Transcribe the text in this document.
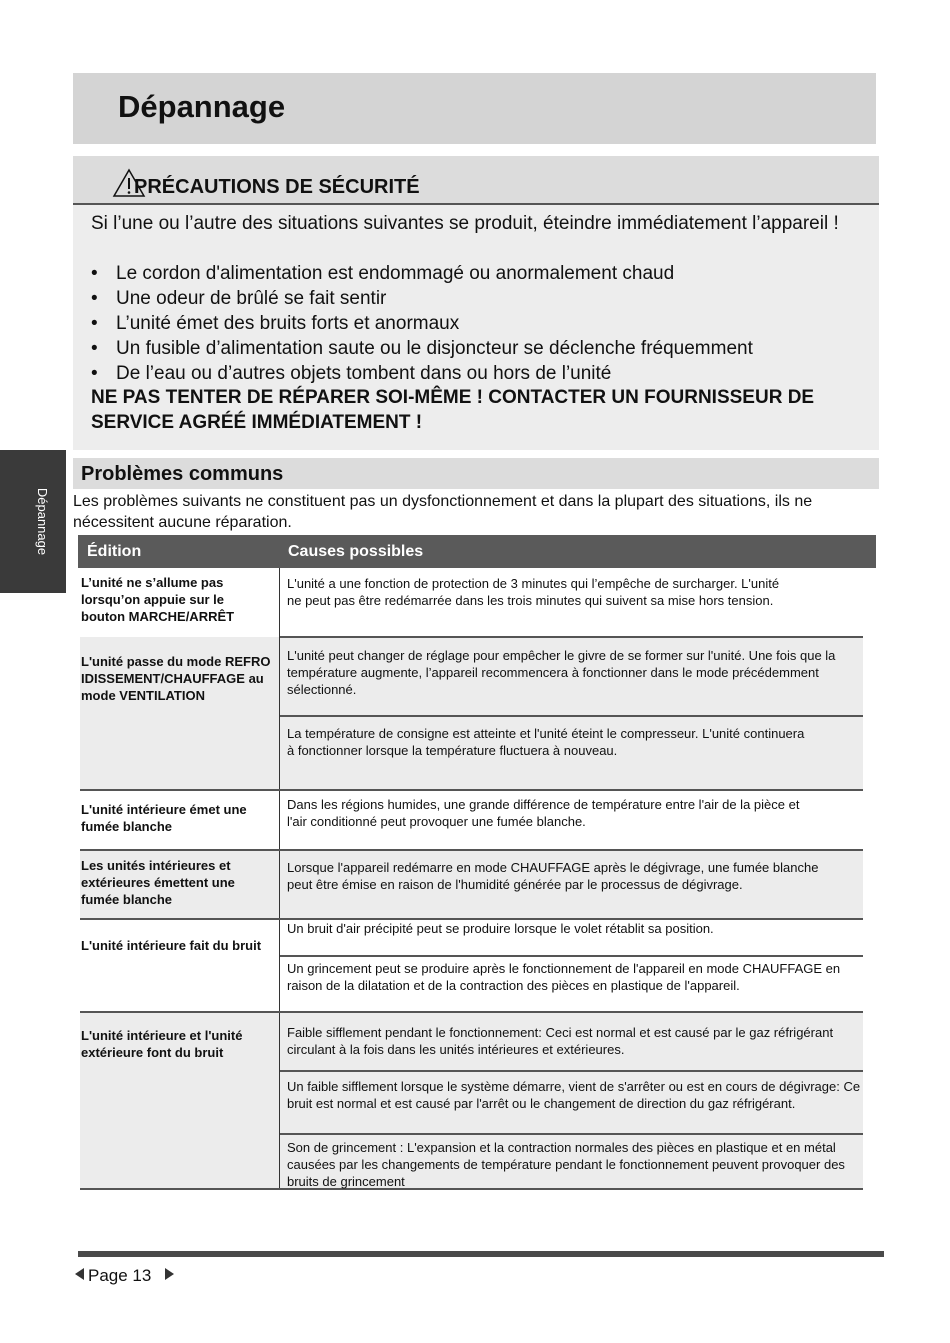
Dépannage
PRÉCAUTIONS DE SÉCURITÉ
Si l’une ou l’autre des situations suivantes se produit, éteindre immédiatement l’appareil !
• Le cordon d'alimentation est endommagé ou anormalement chaud
• Une odeur de brûlé se fait sentir
• L’unité émet des bruits forts et anormaux
• Un fusible d’alimentation saute ou le disjoncteur se déclenche fréquemment
• De l’eau ou d’autres objets tombent dans ou hors de l’unité
NE PAS TENTER DE RÉPARER SOI-MÊME ! CONTACTER UN FOURNISSEUR DE SERVICE AGRÉÉ IMMÉDIATEMENT !
Dépannage
Problèmes communs
Les problèmes suivants ne constituent pas un dysfonctionnement et dans la plupart des situations, ils ne nécessitent aucune réparation.
Édition	Causes possibles
L’unité ne s’allume pas lorsqu’on appuie sur le bouton MARCHE/ARRÊT
L'unité passe du mode REFROIDISSEMENT/CHAUFFAGE au mode VENTILATION
L'unité intérieure émet une fumée blanche
Les unités intérieures et extérieures émettent une fumée blanche
L'unité intérieure fait du bruit
L'unité intérieure et l'unité extérieure font du bruit
L'unité a une fonction de protection de 3 minutes qui l’empêche de surcharger. L'unité ne peut pas être redémarrée dans les trois minutes qui suivent sa mise hors tension.
L'unité peut changer de réglage pour empêcher le givre de se former sur l'unité. Une fois que la température augmente, l’appareil recommencera à fonctionner dans le mode précédemment sélectionné.
La température de consigne est atteinte et l'unité éteint le compresseur. L'unité continuera à fonctionner lorsque la température fluctuera à nouveau.
Dans les régions humides, une grande différence de température entre l'air de la pièce et l'air conditionné peut provoquer une fumée blanche.
Lorsque l'appareil redémarre en mode CHAUFFAGE après le dégivrage, une fumée blanche peut être émise en raison de l'humidité générée par le processus de dégivrage.
Un bruit d'air précipité peut se produire lorsque le volet rétablit sa position.
Un grincement peut se produire après le fonctionnement de l'appareil en mode CHAUFFAGE en raison de la dilatation et de la contraction des pièces en plastique de l'appareil.
Faible sifflement pendant le fonctionnement: Ceci est normal et est causé par le gaz réfrigérant circulant à la fois dans les unités intérieures et extérieures.
Un faible sifflement lorsque le système démarre, vient de s'arrêter ou est en cours de dégivrage: Ce bruit est normal et est causé par l'arrêt ou le changement de direction du gaz réfrigérant.
Son de grincement : L'expansion et la contraction normales des pièces en plastique et en métal causées par les changements de température pendant le fonctionnement peuvent provoquer des bruits de grincement
Page 13
